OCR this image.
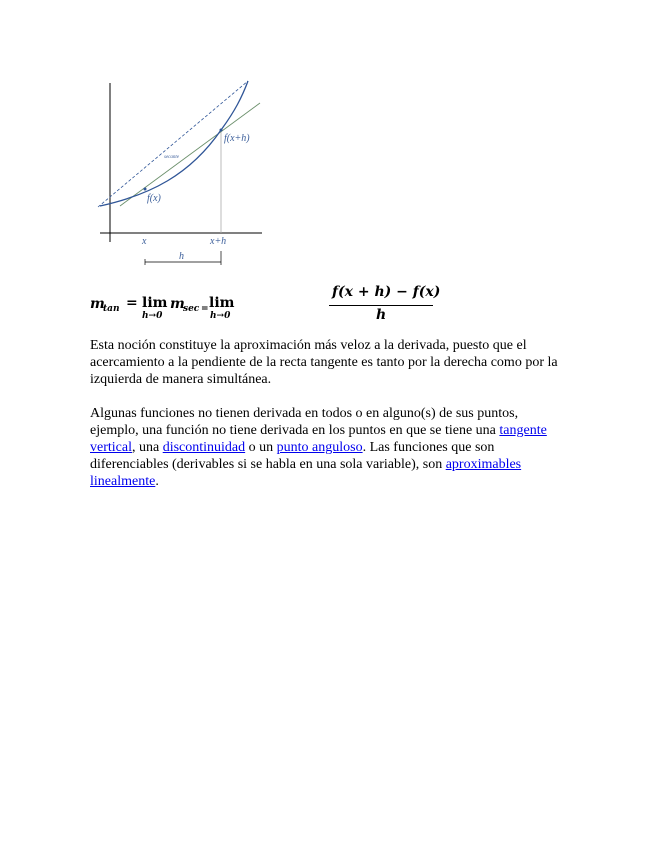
f(x+h)
secante
f(x)
x	x+h
h
m
tan = lim
h→0
m
sec = lim
h→0
f(x + h) − f(x)
h

Esta noción constituye la aproximación más veloz a la derivada, puesto que el acercamiento a la pendiente de la recta tangente es tanto por la derecha como por la izquierda de manera simultánea.

Algunas funciones no tienen derivada en todos o en alguno(s) de sus puntos, ejemplo, una función no tiene derivada en los puntos en que se tiene una tangente vertical, una discontinuidad o un punto anguloso. Las funciones que son diferenciables (derivables si se habla en una sola variable), son aproximables linealmente.
